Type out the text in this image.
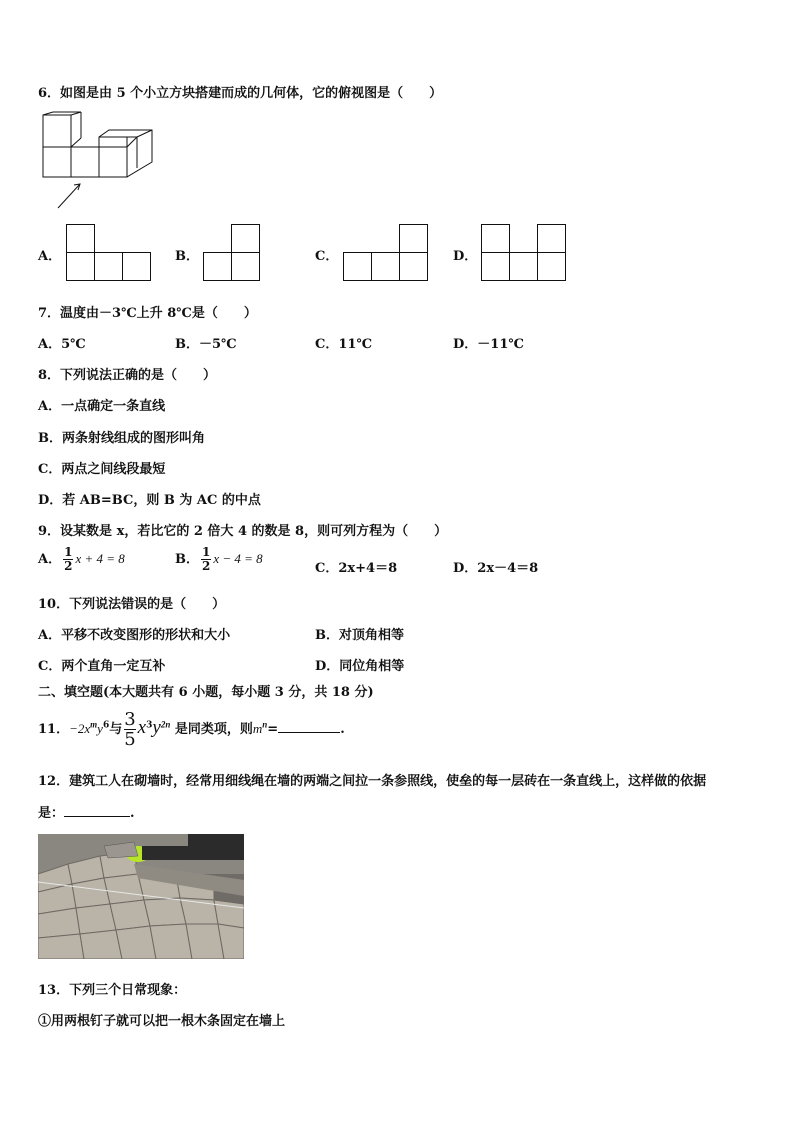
6．如图是由 5 个小立方块搭建而成的几何体，它的俯视图是（　　）
A．	B．	C．	D．
7．温度由－3℃上升 8℃是（　　）
A．5℃	B．－5℃	C．11℃	D．－11℃
8．下列说法正确的是（　　）
A．一点确定一条直线
B．两条射线组成的图形叫角
C．两点之间线段最短
D．若 AB=BC，则 B 为 AC 的中点
9．设某数是 x，若比它的 2 倍大 4 的数是 8，则可列方程为（　　）
A． $\frac{1}{2}$ x + 4 = 8	B． $\frac{1}{2}$ x − 4 = 8
C．2x+4＝8	D．2x－4＝8
10．下列说法错误的是（　　）
A．平移不改变图形的形状和大小	B．对顶角相等
C．两个直角一定互补	D．同位角相等
二、填空题(本大题共有 6 小题，每小题 3 分，共 18 分)
11．$-2x^my^6$与 $\frac{3}{5} x^3y^{2n}$ 是同类项，则$m^n=$	.
12．建筑工人在砌墙时，经常用细线绳在墙的两端之间拉一条参照线，使垒的每一层砖在一条直线上，这样做的依据
是：	.
13．下列三个日常现象：
①用两根钉子就可以把一根木条固定在墙上
